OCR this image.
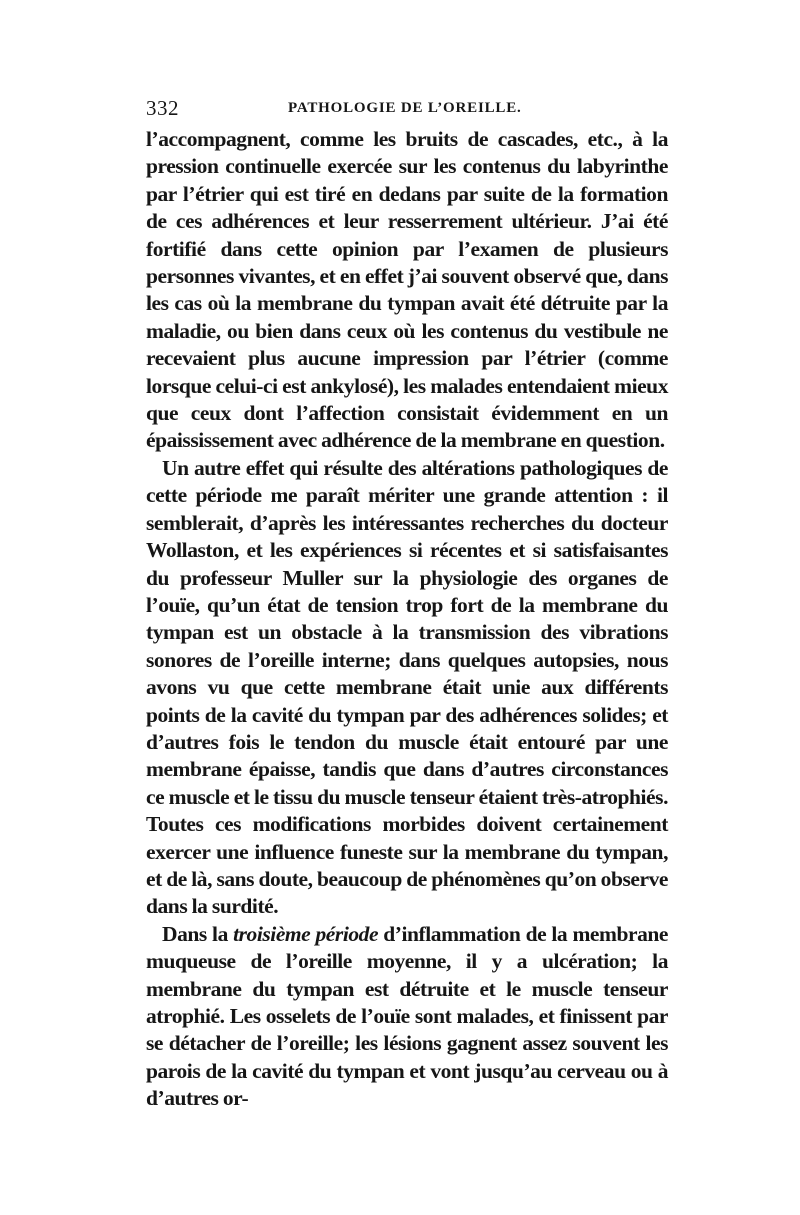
332	PATHOLOGIE DE L’OREILLE.

l’accompagnent, comme les bruits de cascades, etc., à la pression continuelle exercée sur les contenus du labyrinthe par l’étrier qui est tiré en dedans par suite de la formation de ces adhérences et leur resserrement ultérieur. J’ai été fortifié dans cette opinion par l’examen de plusieurs personnes vivantes, et en effet j’ai souvent observé que, dans les cas où la membrane du tympan avait été détruite par la maladie, ou bien dans ceux où les contenus du vestibule ne recevaient plus aucune impression par l’étrier (comme lorsque celui-ci est ankylosé), les malades entendaient mieux que ceux dont l’affection consistait évidemment en un épaississement avec adhérence de la membrane en question.

Un autre effet qui résulte des altérations pathologiques de cette période me paraît mériter une grande attention : il semblerait, d’après les intéressantes recherches du docteur Wollaston, et les expériences si récentes et si satisfaisantes du professeur Muller sur la physiologie des organes de l’ouïe, qu’un état de tension trop fort de la membrane du tympan est un obstacle à la transmission des vibrations sonores de l’oreille interne; dans quelques autopsies, nous avons vu que cette membrane était unie aux différents points de la cavité du tympan par des adhérences solides; et d’autres fois le tendon du muscle était entouré par une membrane épaisse, tandis que dans d’autres circonstances ce muscle et le tissu du muscle tenseur étaient très-atrophiés. Toutes ces modifications morbides doivent certainement exercer une influence funeste sur la membrane du tympan, et de là, sans doute, beaucoup de phénomènes qu’on observe dans la surdité.

Dans la troisième période d’inflammation de la membrane muqueuse de l’oreille moyenne, il y a ulcération; la membrane du tympan est détruite et le muscle tenseur atrophié. Les osselets de l’ouïe sont malades, et finissent par se détacher de l’oreille; les lésions gagnent assez souvent les parois de la cavité du tympan et vont jusqu’au cerveau ou à d’autres or-
